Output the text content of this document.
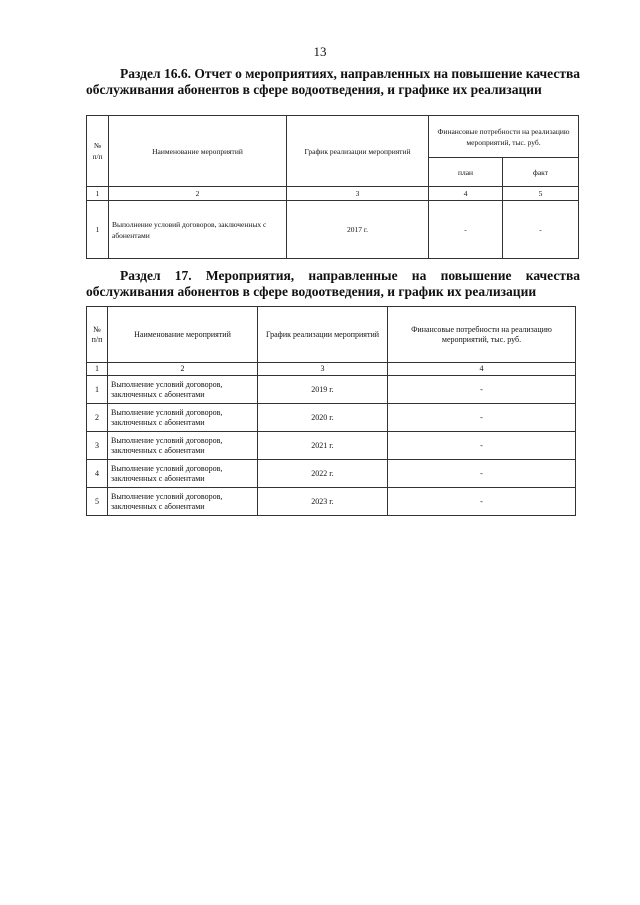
13
Раздел 16.6. Отчет о мероприятиях, направленных на повышение качества обслуживания абонентов в сфере водоотведения, и графике их реализации
№ п/п	Наименование мероприятий	График реализации мероприятий	Финансовые потребности на реализацию мероприятий, тыс. руб.	
			план	факт
1	2	3	4	5
1	Выполнение условий договоров, заключенных с абонентами	2017 г.	-	-
Раздел 17. Мероприятия, направленные на повышение качества обслуживания абонентов в сфере водоотведения, и график их реализации
№ п/п	Наименование мероприятий	График реализации мероприятий	Финансовые потребности на реализацию мероприятий, тыс. руб.
1	2	3	4
1	Выполнение условий договоров, заключенных с абонентами	2019 г.	-
2	Выполнение условий договоров, заключенных с абонентами	2020 г.	-
3	Выполнение условий договоров, заключенных с абонентами	2021 г.	-
4	Выполнение условий договоров, заключенных с абонентами	2022 г.	-
5	Выполнение условий договоров, заключенных с абонентами	2023 г.	-
